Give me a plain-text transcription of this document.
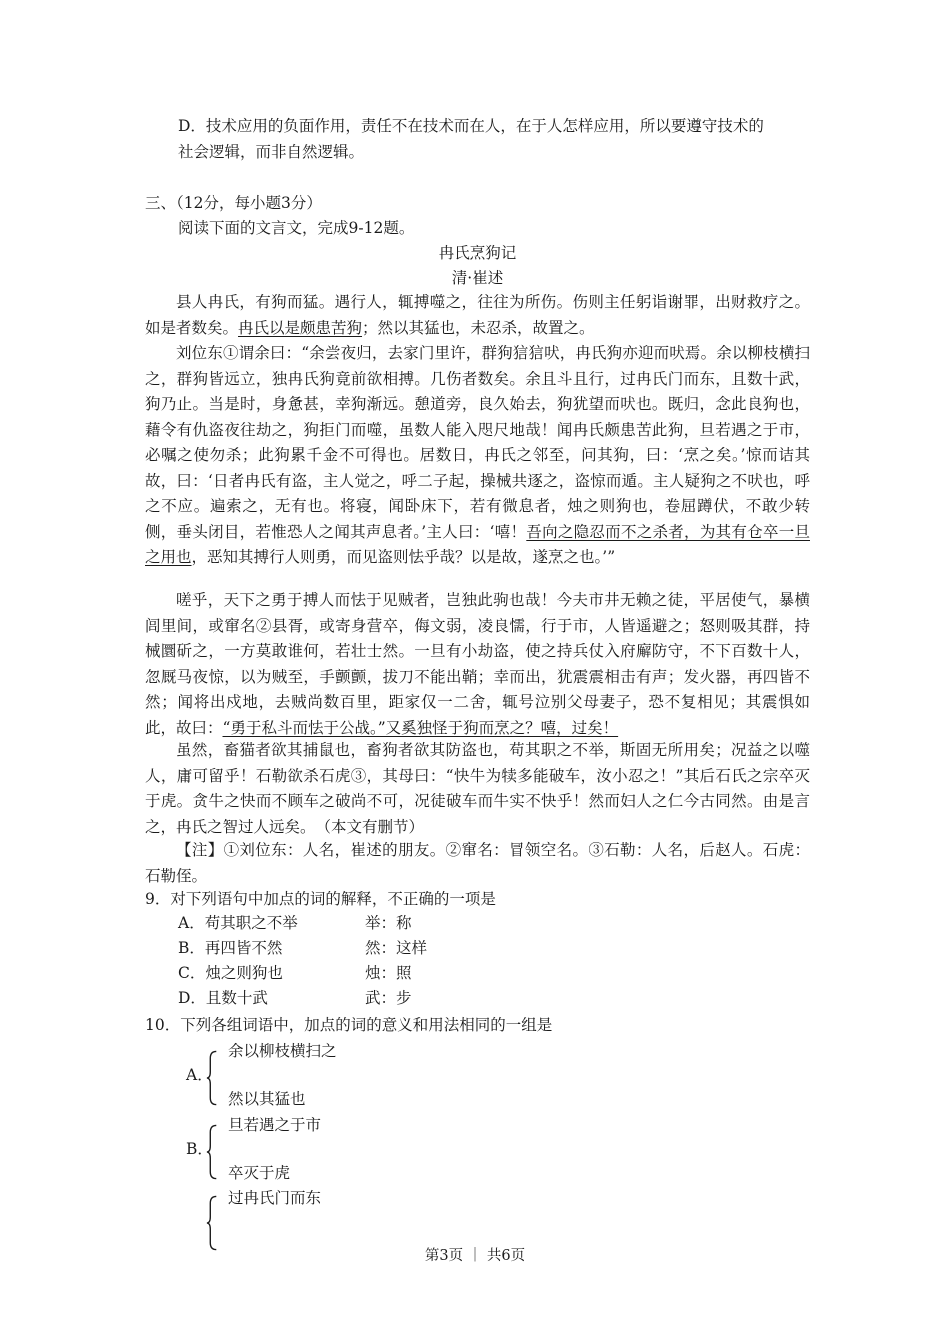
D．技术应用的负面作用，责任不在技术而在人，在于人怎样应用，所以要遵守技术的
社会逻辑，而非自然逻辑。
三、（12分，每小题3分）
阅读下面的文言文，完成9-12题。
冉氏烹狗记
清·崔述
县人冉氏，有狗而猛。遇行人，辄搏噬之，往往为所伤。伤则主任躬诣谢罪，出财救疗之。如是者数矣。冉氏以是颇患苦狗；然以其猛也，未忍杀，故置之。
刘位东①谓余曰：“余尝夜归，去家门里许，群狗狺狺吠，冉氏狗亦迎而吠焉。余以柳枝横扫之，群狗皆远立，独冉氏狗竟前欲相搏。几伤者数矣。余且斗且行，过冉氏门而东，且数十武，狗乃止。当是时，身惫甚，幸狗渐远。憩道旁，良久始去，狗犹望而吠也。既归，念此良狗也，藉令有仇盗夜往劫之，狗拒门而噬，虽数人能入咫尺地哉！闻冉氏颇患苦此狗，旦若遇之于市，必嘱之使勿杀；此狗累千金不可得也。居数日，冉氏之邻至，问其狗，曰：‘烹之矣。’惊而诘其故，曰：‘日者冉氏有盗，主人觉之，呼二子起，操械共逐之，盗惊而遁。主人疑狗之不吠也，呼之不应。遍索之，无有也。将寝，闻卧床下，若有微息者，烛之则狗也，卷屈蹲伏，不敢少转侧，垂头闭目，若惟恐人之闻其声息者。’主人曰：‘嘻！吾向之隐忍而不之杀者，为其有仓卒一旦之用也，恶知其搏行人则勇，而见盗则怯乎哉？以是故，遂烹之也。’”
嗟乎，天下之勇于搏人而怯于见贼者，岂独此驹也哉！今夫市井无赖之徒，平居使气，暴横闾里间，或窜名②县胥，或寄身营卒，侮文弱，凌良懦，行于市，人皆遥避之；怒则吸其群，持械圜斫之，一方莫敢谁何，若壮士然。一旦有小劫盗，使之持兵仗入府廨防守，不下百数十人，忽厩马夜惊，以为贼至，手颤颤，拔刀不能出鞘；幸而出，犹震震相击有声；发火器，再四皆不然；闻将出戍地，去贼尚数百里，距家仅一二舍，辄号泣别父母妻子，恐不复相见；其震惧如此，故曰：“勇于私斗而怯于公战。”又奚独怪于狗而烹之？嘻，过矣！
虽然，畜猫者欲其捕鼠也，畜狗者欲其防盗也，苟其职之不举，斯固无所用矣；况益之以噬人，庸可留乎！石勒欲杀石虎③，其母曰：“快牛为犊多能破车，汝小忍之！”其后石氏之宗卒灭于虎。贪牛之快而不顾车之破尚不可，况徒破车而牛实不快乎！然而妇人之仁今古同然。由是言之，冉氏之智过人远矣。　（本文有删节）
【注】①刘位东：人名，崔述的朋友。②窜名：冒领空名。③石勒：人名，后赵人。石虎：石勒侄。
9．对下列语句中加点的词的解释，不正确的一项是
A．苟其职之不举	举：称
B．再四皆不然	然：这样
C．烛之则狗也	烛：照
D．且数十武	武：步
10．下列各组词语中，加点的词的意义和用法相同的一组是
A．
余以柳枝横扫之
然以其猛也
B．
旦若遇之于市
卒灭于虎
过冉氏门而东
第3页 ｜ 共6页
